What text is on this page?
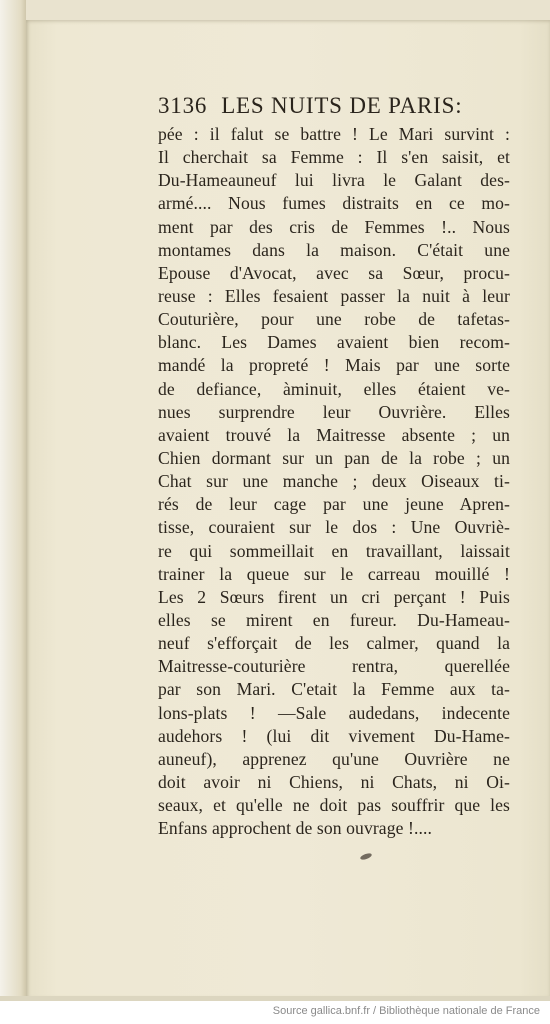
3136 LES NUITS DE PARIS:
pée : il falut se battre ! Le Mari survint :
Il cherchait sa Femme : Il s'en saisit, et
Du-Hameauneuf lui livra le Galant des-
armé.... Nous fumes distraits en ce mo-
ment par des cris de Femmes !.. Nous
montames dans la maison. C'était une
Epouse d'Avocat, avec sa Sœur, procu-
reuse : Elles fesaient passer la nuit à leur
Couturière, pour une robe de tafetas-
blanc. Les Dames avaient bien recom-
mandé la propreté ! Mais par une sorte
de defiance, àminuit, elles étaient ve-
nues surprendre leur Ouvrière. Elles
avaient trouvé la Maitresse absente ; un
Chien dormant sur un pan de la robe ; un
Chat sur une manche ; deux Oiseaux ti-
rés de leur cage par une jeune Apren-
tisse, couraient sur le dos : Une Ouvriè-
re qui sommeillait en travaillant, laissait
trainer la queue sur le carreau mouillé !
Les 2 Sœurs firent un cri perçant ! Puis
elles se mirent en fureur. Du-Hameau-
neuf s'efforçait de les calmer, quand la
Maitresse-couturière rentra, querellée
par son Mari. C'etait la Femme aux ta-
lons-plats ! —Sale audedans, indecente
audehors ! (lui dit vivement Du-Hame-
auneuf), apprenez qu'une Ouvrière ne
doit avoir ni Chiens, ni Chats, ni Oi-
seaux, et qu'elle ne doit pas souffrir que les
Enfans approchent de son ouvrage !....
Source gallica.bnf.fr / Bibliothèque nationale de France
